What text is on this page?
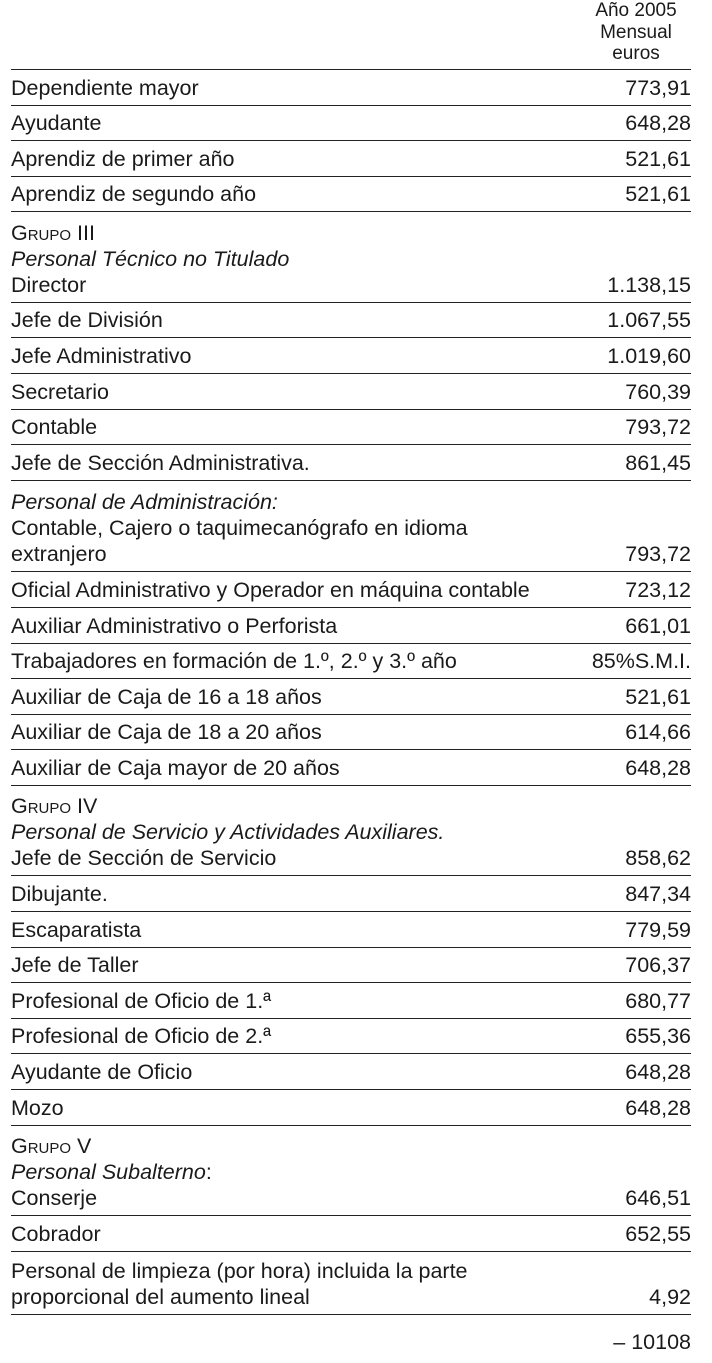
Año 2005
Mensual
euros
Dependiente mayor	773,91
Ayudante	648,28
Aprendiz de primer año	521,61
Aprendiz de segundo año	521,61
Grupo III
Personal Técnico no Titulado
Director	1.138,15
Jefe de División	1.067,55
Jefe Administrativo	1.019,60
Secretario	760,39
Contable	793,72
Jefe de Sección Administrativa.	861,45
Personal de Administración:
Contable, Cajero o taquimecanógrafo en idioma extranjero	793,72
Oficial Administrativo y Operador en máquina contable	723,12
Auxiliar Administrativo o Perforista	661,01
Trabajadores en formación de 1.º, 2.º y 3.º año	85%S.M.I.
Auxiliar de Caja de 16 a 18 años	521,61
Auxiliar de Caja de 18 a 20 años	614,66
Auxiliar de Caja mayor de 20 años	648,28
Grupo IV
Personal de Servicio y Actividades Auxiliares.
Jefe de Sección de Servicio	858,62
Dibujante.	847,34
Escaparatista	779,59
Jefe de Taller	706,37
Profesional de Oficio de 1.ª	680,77
Profesional de Oficio de 2.ª	655,36
Ayudante de Oficio	648,28
Mozo	648,28
Grupo V
Personal Subalterno:
Conserje	646,51
Cobrador	652,55
Personal de limpieza (por hora) incluida la parte proporcional del aumento lineal	4,92
– 10108
